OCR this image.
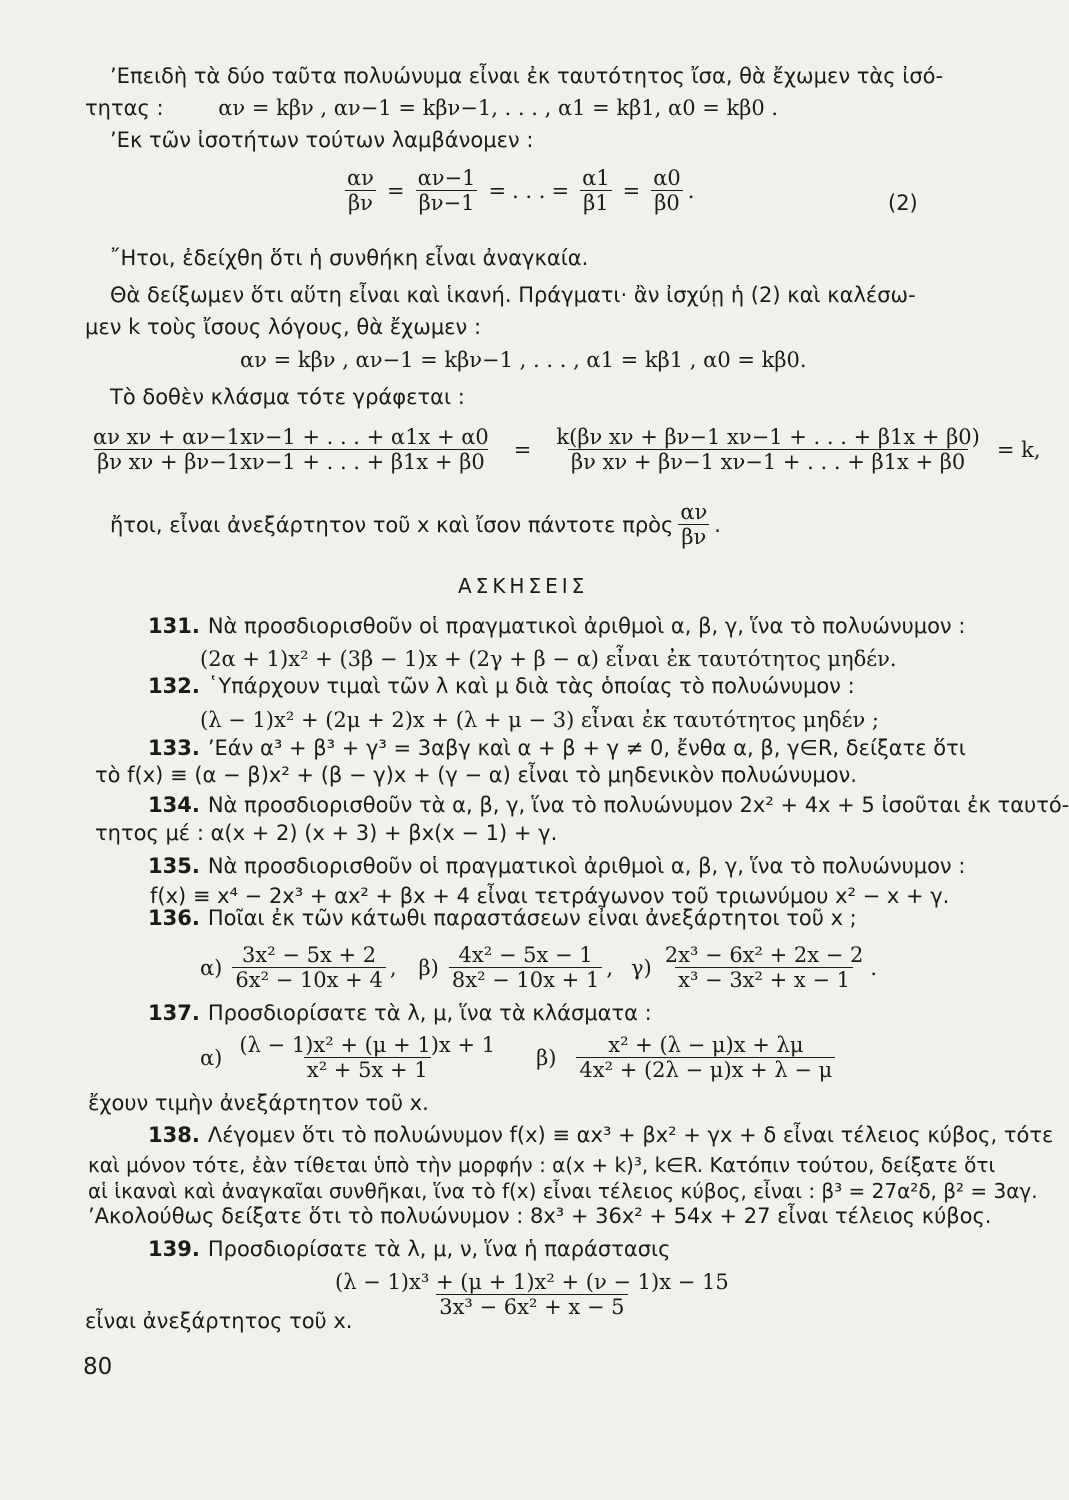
’Επειδὴ τὰ δύο ταῦτα πολυώνυμα εἶναι ἐκ ταυτότητος ἴσα, θὰ ἔχωμεν τὰς ἰσό-
τητας :	αν = kβν , αν−1 = kβν−1, . . . , α1 = kβ1, α0 = kβ0 .
’Εκ τῶν ἰσοτήτων τούτων λαμβάνομεν :
$\frac{\alpha\nu}{\beta\nu} = \frac{\alpha\nu-1}{\beta\nu-1}$ = . . . = $\frac{\alpha 1}{\beta 1} = \frac{\alpha 0}{\beta 0}$ .
(2)
῎Ητοι, ἐδείχθη ὅτι ἡ συνθήκη εἶναι ἀναγκαία.
Θὰ δείξωμεν ὅτι αὕτη εἶναι καὶ ἱκανή. Πράγματι· ἂν ἰσχύῃ ἡ (2) καὶ καλέσω-
μεν k τοὺς ἴσους λόγους, θὰ ἔχωμεν :
αν = kβν , αν−1 = kβν−1 , . . . , α1 = kβ1 , α0 = kβ0.
Τὸ δοθὲν κλάσμα τότε γράφεται :
$\frac{\text{αν xν + αν−1xν−1 + . . . + α1x + α0}}{\text{βν xν + βν−1xν−1 + . . . + β1x + β0}} = \frac{\text{k(βν xν + βν−1 xν−1 + . . . + β1x + β0)}}{\text{βν xν + βν−1 xν−1 + . . . + β1x + β0}} = k$,
ἤτοι, εἶναι ἀνεξάρτητον τοῦ x καὶ ἴσον πάντοτε πρὸς $\frac{\alpha\nu}{\beta\nu}$ .
ΑΣΚΗΣΕΙΣ
131. Νὰ προσδιορισθοῦν οἱ πραγματικοὶ ἀριθμοὶ α, β, γ, ἵνα τὸ πολυώνυμον :
(2α + 1)x² + (3β − 1)x + (2γ + β − α) εἶναι ἐκ ταυτότητος μηδέν.
132. ῾Υπάρχουν τιμαὶ τῶν λ καὶ μ διὰ τὰς ὁποίας τὸ πολυώνυμον :
(λ − 1)x² + (2μ + 2)x + (λ + μ − 3) εἶναι ἐκ ταυτότητος μηδέν ;
133. ’Εάν α³ + β³ + γ³ = 3αβγ καὶ α + β + γ ≠ 0, ἔνθα α, β, γ∈R, δείξατε ὅτι
τὸ f(x) ≡ (α − β)x² + (β − γ)x + (γ − α) εἶναι τὸ μηδενικὸν πολυώνυμον.
134. Νὰ προσδιορισθοῦν τὰ α, β, γ, ἵνα τὸ πολυώνυμον 2x² + 4x + 5 ἰσοῦται ἐκ ταυτό-
τητος μέ : α(x + 2) (x + 3) + βx(x − 1) + γ.
135. Νὰ προσδιορισθοῦν οἱ πραγματικοὶ ἀριθμοὶ α, β, γ, ἵνα τὸ πολυώνυμον :
f(x) ≡ x⁴ − 2x³ + αx² + βx + 4 εἶναι τετράγωνον τοῦ τριωνύμου x² − x + γ.
136. Ποῖαι ἐκ τῶν κάτωθι παραστάσεων εἶναι ἀνεξάρτητοι τοῦ x ;
$\alpha) \frac{\text{3x² − 5x + 2}}{\text{6x² − 10x + 4}}$ , $\beta) \frac{\text{4x² − 5x − 1}}{\text{8x² − 10x + 1}}$ , $\gamma) \frac{\text{2x³ − 6x² + 2x − 2}}{\text{x³ − 3x² + x − 1}}$ .
137. Προσδιορίσατε τὰ λ, μ, ἵνα τὰ κλάσματα :
$\alpha) \frac{\text{(λ − 1)x² + (μ + 1)x + 1}}{\text{x² + 5x + 1}} \beta) \frac{\text{x² + (λ − μ)x + λμ}}{\text{4x² + (2λ − μ)x + λ − μ}}$
ἔχουν τιμὴν ἀνεξάρτητον τοῦ x.
138. Λέγομεν ὅτι τὸ πολυώνυμον f(x) ≡ αx³ + βx² + γx + δ εἶναι τέλειος κύβος, τότε
καὶ μόνον τότε, ἐὰν τίθεται ὑπὸ τὴν μορφήν : α(x + k)³, k∈R. Κατόπιν τούτου, δείξατε ὅτι
αἱ ἱκαναὶ καὶ ἀναγκαῖαι συνθῆκαι, ἵνα τὸ f(x) εἶναι τέλειος κύβος, εἶναι : β³ = 27α²δ, β² = 3αγ.
’Ακολούθως δείξατε ὅτι τὸ πολυώνυμον : 8x³ + 36x² + 54x + 27 εἶναι τέλειος κύβος.
139. Προσδιορίσατε τὰ λ, μ, ν, ἵνα ἡ παράστασις
$\frac{\text{(λ − 1)x³ + (μ + 1)x² + (ν − 1)x − 15}}{\text{3x³ − 6x² + x − 5}}$
εἶναι ἀνεξάρτητος τοῦ x.
80
